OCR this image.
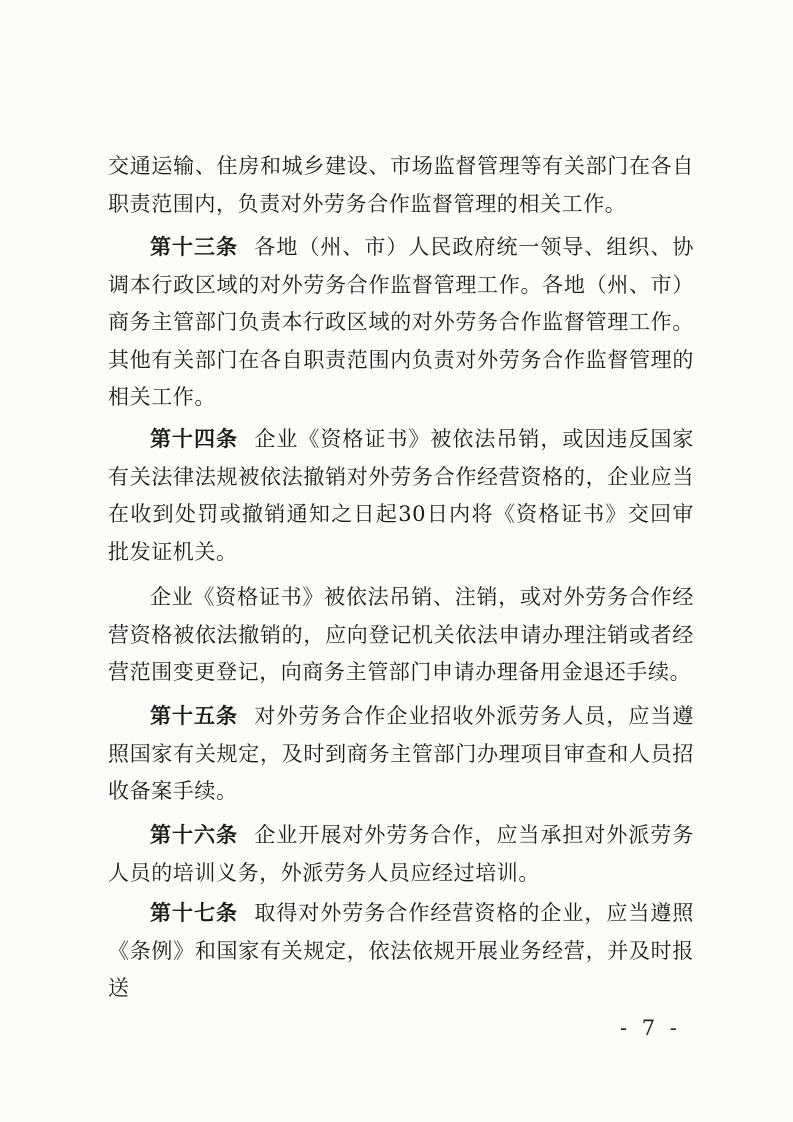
交通运输、住房和城乡建设、市场监督管理等有关部门在各自职责范围内，负责对外劳务合作监督管理的相关工作。

第十三条 各地（州、市）人民政府统一领导、组织、协调本行政区域的对外劳务合作监督管理工作。各地（州、市）商务主管部门负责本行政区域的对外劳务合作监督管理工作。其他有关部门在各自职责范围内负责对外劳务合作监督管理的相关工作。

第十四条 企业《资格证书》被依法吊销，或因违反国家有关法律法规被依法撤销对外劳务合作经营资格的，企业应当在收到处罚或撤销通知之日起30日内将《资格证书》交回审批发证机关。

企业《资格证书》被依法吊销、注销，或对外劳务合作经营资格被依法撤销的，应向登记机关依法申请办理注销或者经营范围变更登记，向商务主管部门申请办理备用金退还手续。

第十五条 对外劳务合作企业招收外派劳务人员，应当遵照国家有关规定，及时到商务主管部门办理项目审查和人员招收备案手续。

第十六条 企业开展对外劳务合作，应当承担对外派劳务人员的培训义务，外派劳务人员应经过培训。

第十七条 取得对外劳务合作经营资格的企业，应当遵照《条例》和国家有关规定，依法依规开展业务经营，并及时报送

- 7 -
